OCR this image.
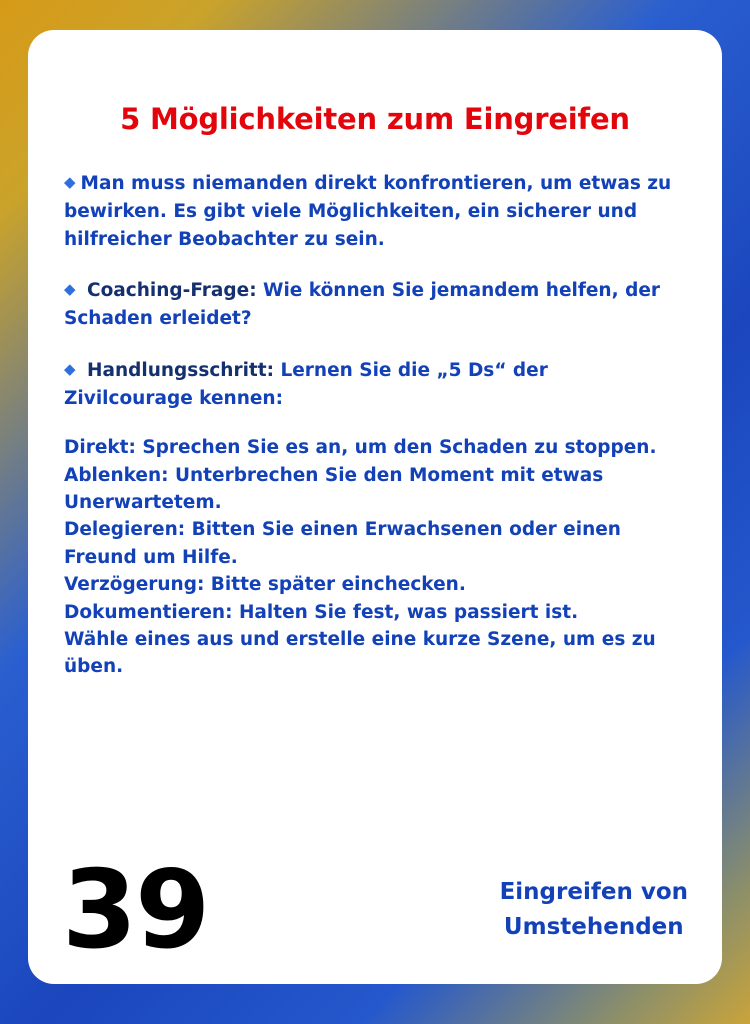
5 Möglichkeiten zum Eingreifen

◆ Man muss niemanden direkt konfrontieren, um etwas zu bewirken. Es gibt viele Möglichkeiten, ein sicherer und hilfreicher Beobachter zu sein.

◆ Coaching-Frage: Wie können Sie jemandem helfen, der Schaden erleidet?

◆ Handlungsschritt: Lernen Sie die „5 Ds“ der Zivilcourage kennen:

Direkt: Sprechen Sie es an, um den Schaden zu stoppen.
Ablenken: Unterbrechen Sie den Moment mit etwas Unerwartetem.
Delegieren: Bitten Sie einen Erwachsenen oder einen Freund um Hilfe.
Verzögerung: Bitte später einchecken.
Dokumentieren: Halten Sie fest, was passiert ist.
Wähle eines aus und erstelle eine kurze Szene, um es zu üben.
39	Eingreifen von
Umstehenden
